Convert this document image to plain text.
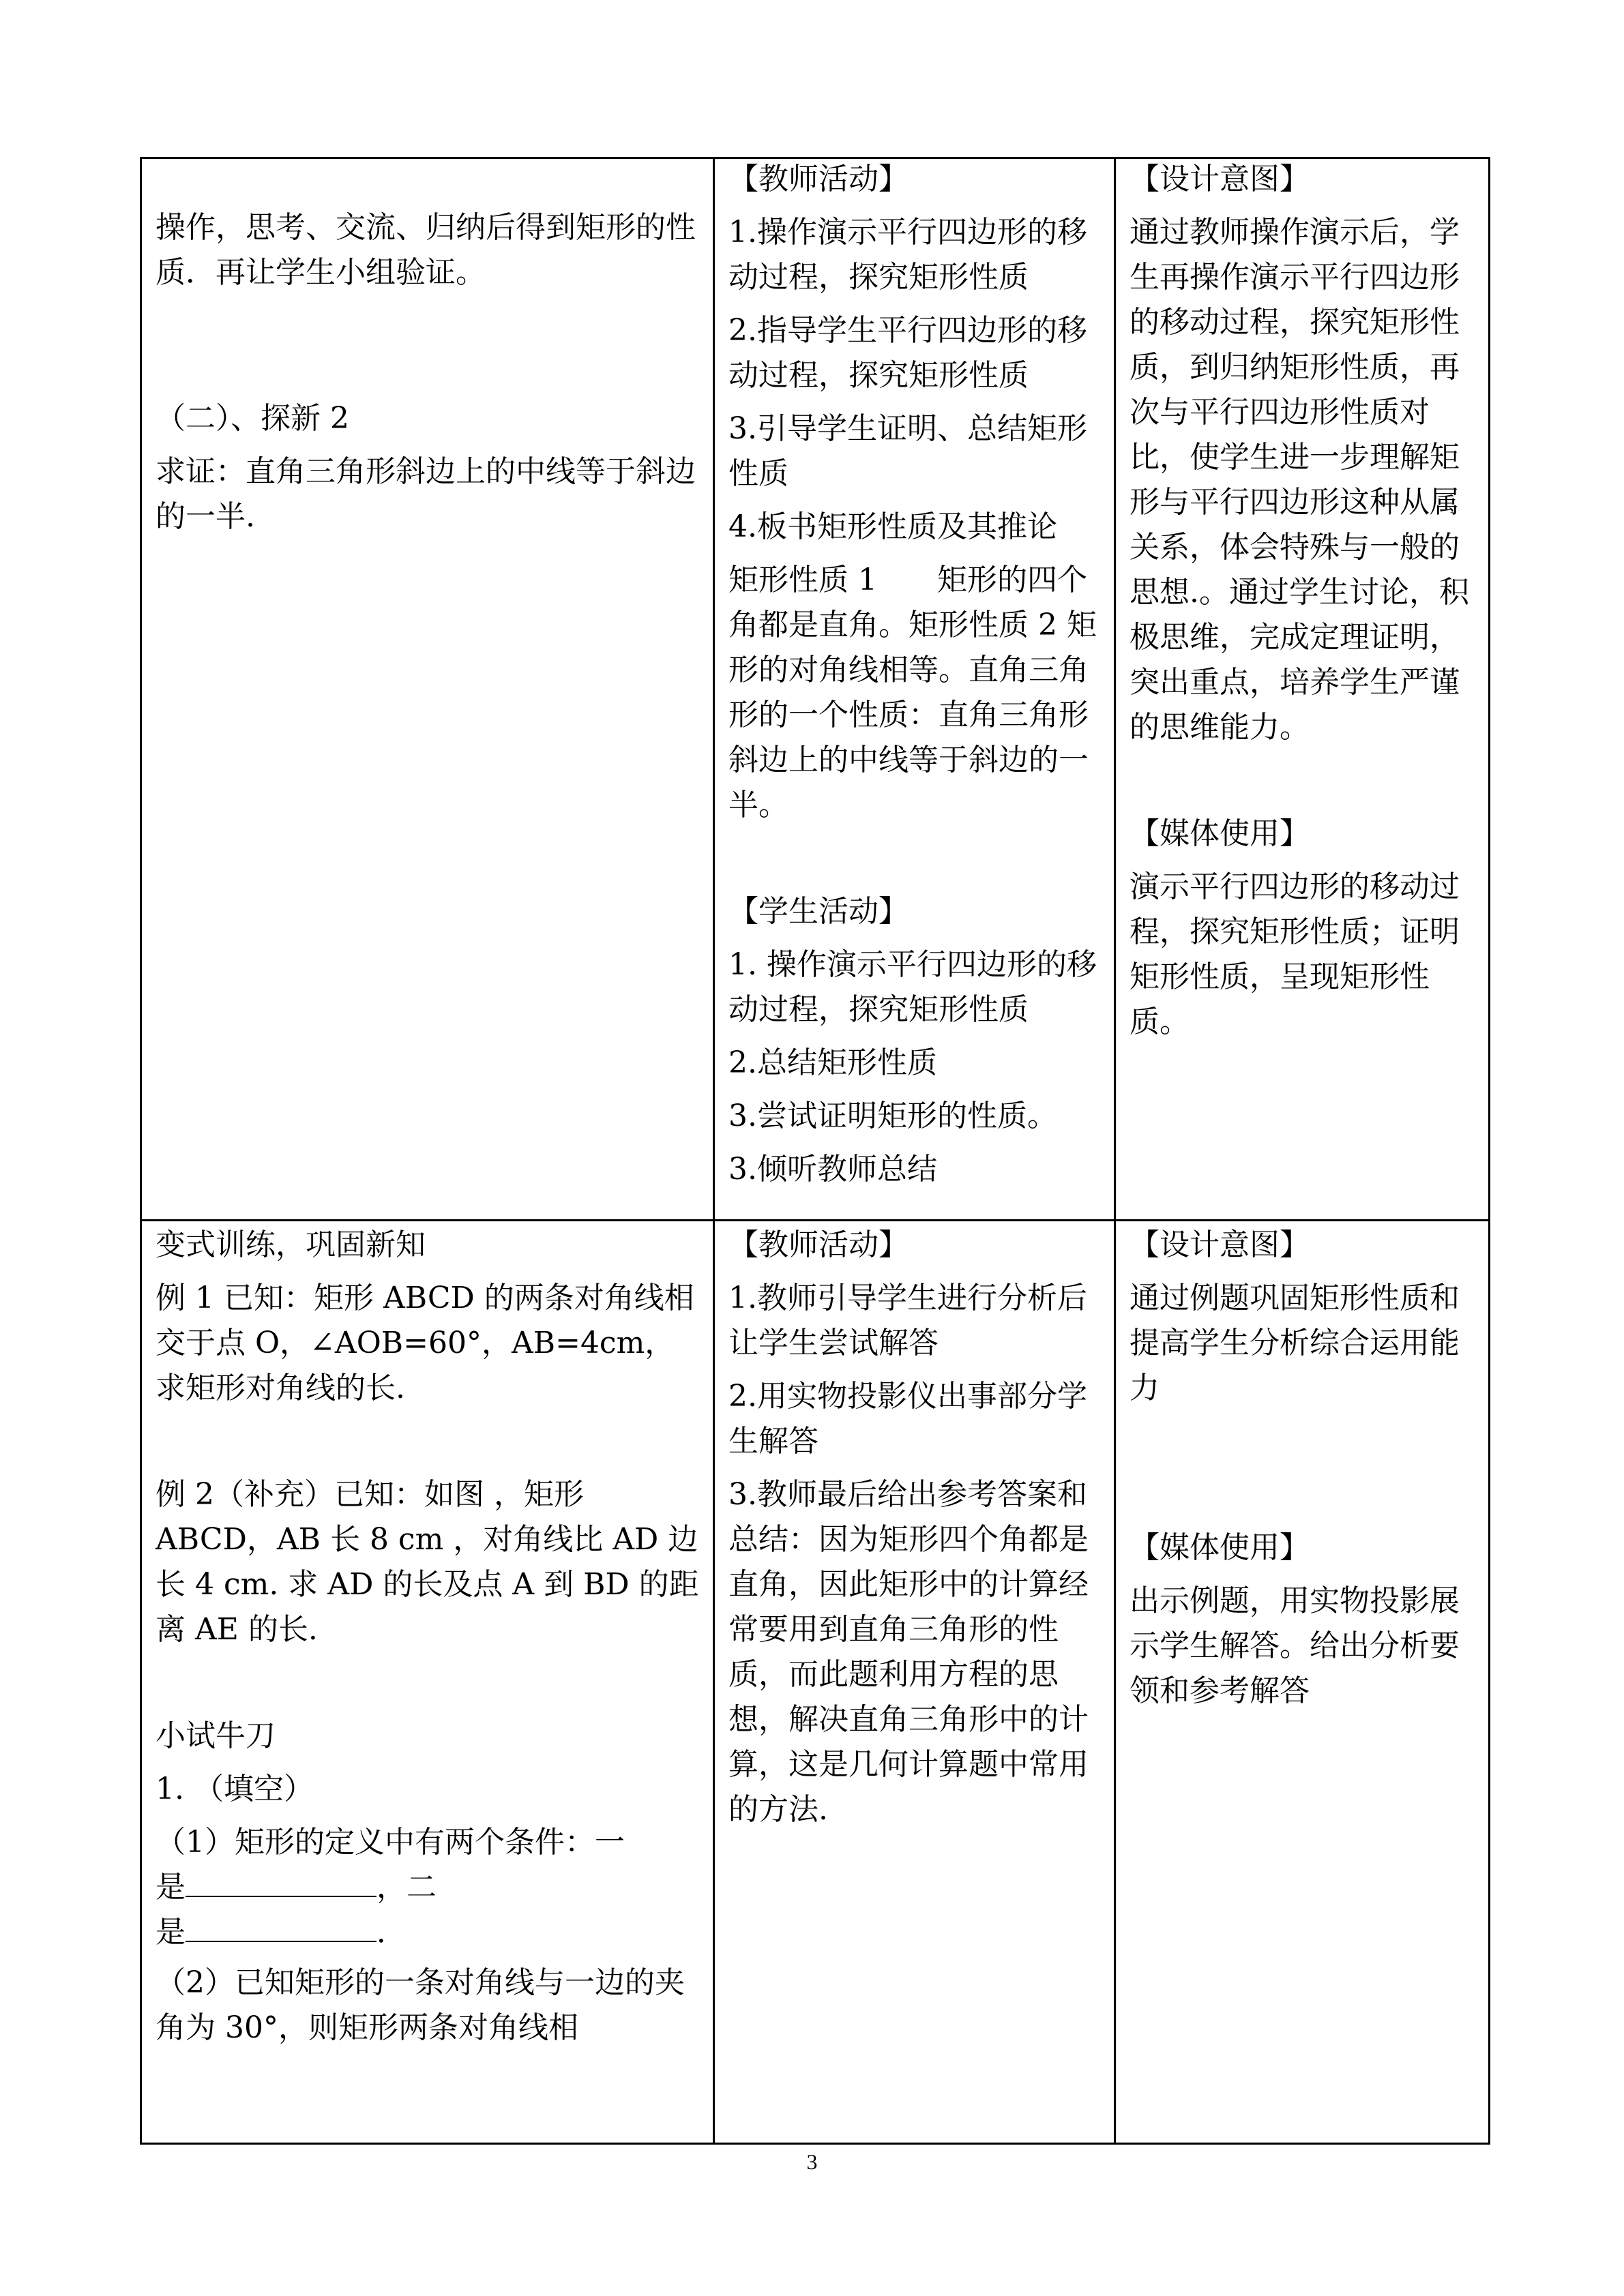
操作，思考、交流、归纳后得到矩形的性质．再让学生小组验证。

（二）、探新 2

求证：直角三角形斜边上的中线等于斜边的一半.

【教师活动】

1.操作演示平行四边形的移动过程，探究矩形性质

2.指导学生平行四边形的移动过程，探究矩形性质

3.引导学生证明、总结矩形性质

4.板书矩形性质及其推论

矩形性质 1　　矩形的四个角都是直角。矩形性质 2 矩形的对角线相等。直角三角形的一个性质：直角三角形斜边上的中线等于斜边的一半。

【学生活动】

1. 操作演示平行四边形的移动过程，探究矩形性质

2.总结矩形性质

3.尝试证明矩形的性质。

3.倾听教师总结

【设计意图】

通过教师操作演示后，学生再操作演示平行四边形的移动过程，探究矩形性质，到归纳矩形性质，再次与平行四边形性质对比，使学生进一步理解矩形与平行四边形这种从属关系，体会特殊与一般的思想.。通过学生讨论，积极思维，完成定理证明，突出重点，培养学生严谨的思维能力。

【媒体使用】

演示平行四边形的移动过程，探究矩形性质；证明矩形性质，呈现矩形性质。

变式训练，巩固新知

例 1 已知：矩形 ABCD 的两条对角线相交于点 O，∠AOB=60°，AB=4cm，求矩形对角线的长.

例 2（补充）已知：如图 ，矩形 ABCD，AB 长 8 cm ，对角线比 AD 边长 4 cm. 求 AD 的长及点 A 到 BD 的距离 AE 的长.

小试牛刀

1. （填空）

（1）矩形的定义中有两个条件：一
是	，二
是	．

（2）已知矩形的一条对角线与一边的夹角为 30°，则矩形两条对角线相

【教师活动】

1.教师引导学生进行分析后让学生尝试解答

2.用实物投影仪出事部分学生解答

3.教师最后给出参考答案和总结：因为矩形四个角都是直角，因此矩形中的计算经常要用到直角三角形的性质，而此题利用方程的思想，解决直角三角形中的计算，这是几何计算题中常用的方法.

【设计意图】

通过例题巩固矩形性质和提高学生分析综合运用能力

【媒体使用】

出示例题，用实物投影展示学生解答。给出分析要领和参考解答

3
